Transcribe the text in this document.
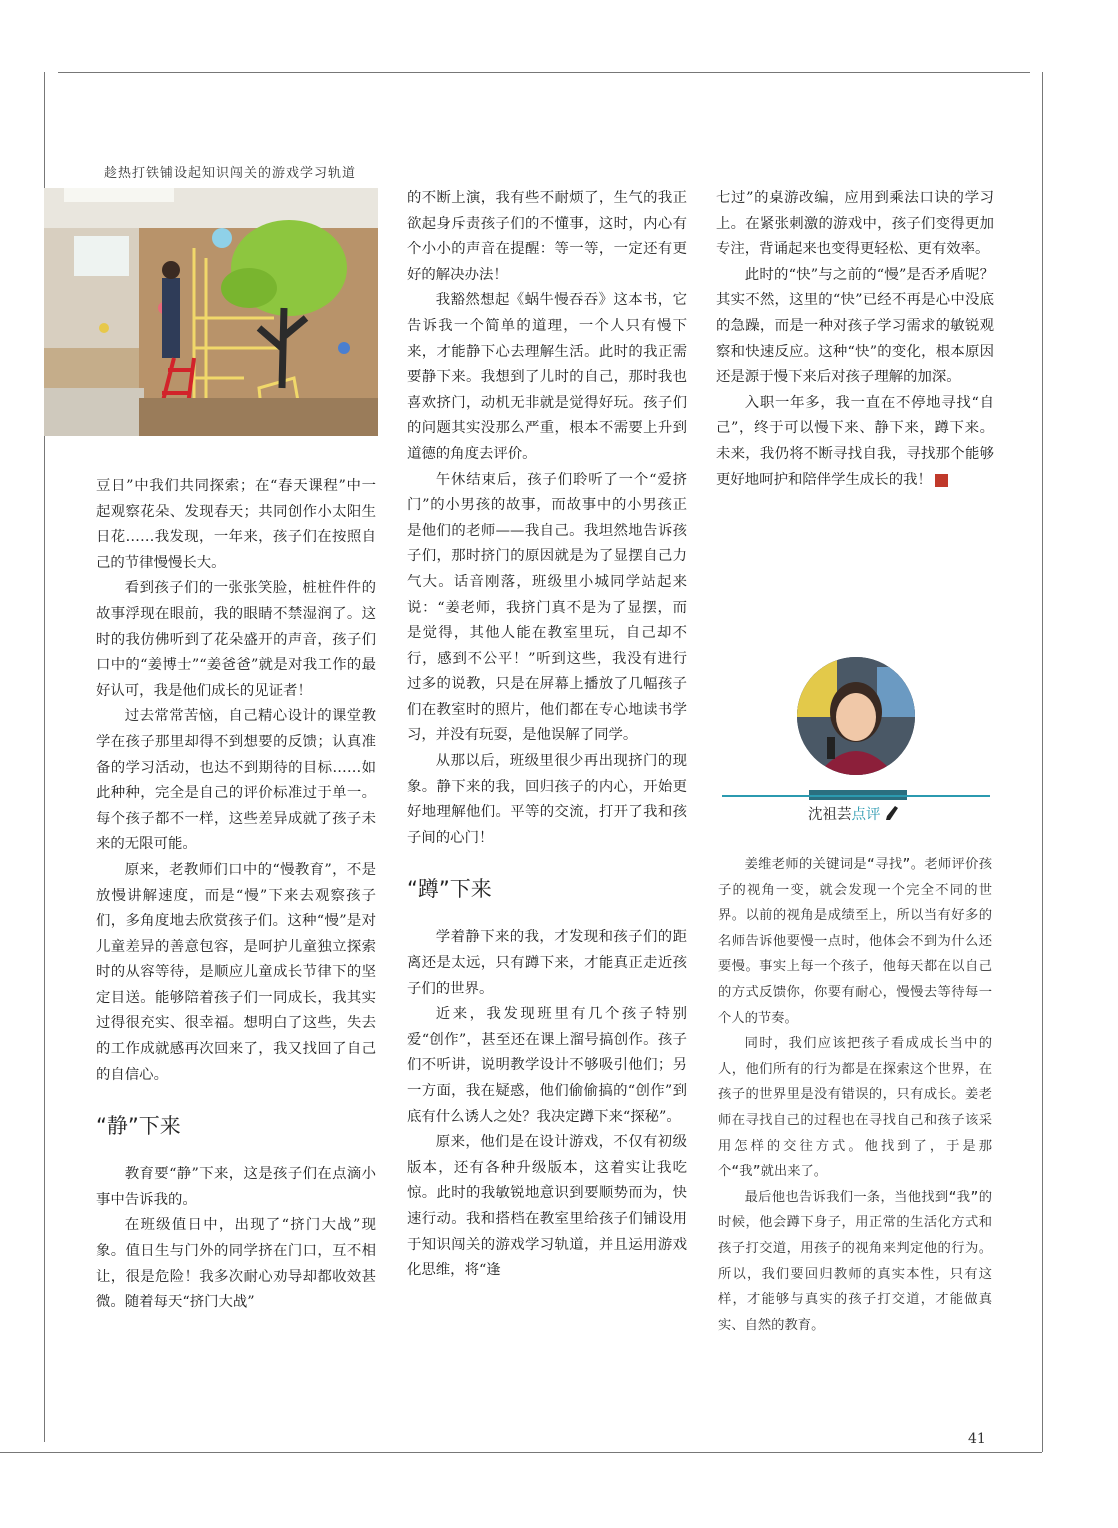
趁热打铁铺设起知识闯关的游戏学习轨道

豆日”中我们共同探索；在“春天课程”中一起观察花朵、发现春天；共同创作小太阳生日花……我发现，一年来，孩子们在按照自己的节律慢慢长大。

看到孩子们的一张张笑脸，桩桩件件的故事浮现在眼前，我的眼睛不禁湿润了。这时的我仿佛听到了花朵盛开的声音，孩子们口中的“姜博士”“姜爸爸”就是对我工作的最好认可，我是他们成长的见证者！

过去常常苦恼，自己精心设计的课堂教学在孩子那里却得不到想要的反馈；认真准备的学习活动，也达不到期待的目标……如此种种，完全是自己的评价标准过于单一。每个孩子都不一样，这些差异成就了孩子未来的无限可能。

原来，老教师们口中的“慢教育”，不是放慢讲解速度，而是“慢”下来去观察孩子们，多角度地去欣赏孩子们。这种“慢”是对儿童差异的善意包容，是呵护儿童独立探索时的从容等待，是顺应儿童成长节律下的坚定目送。能够陪着孩子们一同成长，我其实过得很充实、很幸福。想明白了这些，失去的工作成就感再次回来了，我又找回了自己的自信心。

“静”下来

教育要“静”下来，这是孩子们在点滴小事中告诉我的。

在班级值日中，出现了“挤门大战”现象。值日生与门外的同学挤在门口，互不相让，很是危险！我多次耐心劝导却都收效甚微。随着每天“挤门大战”

的不断上演，我有些不耐烦了，生气的我正欲起身斥责孩子们的不懂事，这时，内心有个小小的声音在提醒：等一等，一定还有更好的解决办法！

我豁然想起《蜗牛慢吞吞》这本书，它告诉我一个简单的道理，一个人只有慢下来，才能静下心去理解生活。此时的我正需要静下来。我想到了儿时的自己，那时我也喜欢挤门，动机无非就是觉得好玩。孩子们的问题其实没那么严重，根本不需要上升到道德的角度去评价。

午休结束后，孩子们聆听了一个“爱挤门”的小男孩的故事，而故事中的小男孩正是他们的老师——我自己。我坦然地告诉孩子们，那时挤门的原因就是为了显摆自己力气大。话音刚落，班级里小城同学站起来说：“姜老师，我挤门真不是为了显摆，而是觉得，其他人能在教室里玩，自己却不行，感到不公平！”听到这些，我没有进行过多的说教，只是在屏幕上播放了几幅孩子们在教室时的照片，他们都在专心地读书学习，并没有玩耍，是他误解了同学。

从那以后，班级里很少再出现挤门的现象。静下来的我，回归孩子的内心，开始更好地理解他们。平等的交流，打开了我和孩子间的心门！

“蹲”下来

学着静下来的我，才发现和孩子们的距离还是太远，只有蹲下来，才能真正走近孩子们的世界。

近来，我发现班里有几个孩子特别爱“创作”，甚至还在课上溜号搞创作。孩子们不听讲，说明教学设计不够吸引他们；另一方面，我在疑惑，他们偷偷搞的“创作”到底有什么诱人之处？我决定蹲下来“探秘”。

原来，他们是在设计游戏，不仅有初级版本，还有各种升级版本，这着实让我吃惊。此时的我敏锐地意识到要顺势而为，快速行动。我和搭档在教室里给孩子们铺设用于知识闯关的游戏学习轨道，并且运用游戏化思维，将“逢

七过”的桌游改编，应用到乘法口诀的学习上。在紧张刺激的游戏中，孩子们变得更加专注，背诵起来也变得更轻松、更有效率。

此时的“快”与之前的“慢”是否矛盾呢？其实不然，这里的“快”已经不再是心中没底的急躁，而是一种对孩子学习需求的敏锐观察和快速反应。这种“快”的变化，根本原因还是源于慢下来后对孩子理解的加深。

入职一年多，我一直在不停地寻找“自己”，终于可以慢下来、静下来，蹲下来。未来，我仍将不断寻找自我，寻找那个能够更好地呵护和陪伴学生成长的我！	家

沈祖芸点评

姜维老师的关键词是“寻找”。老师评价孩子的视角一变，就会发现一个完全不同的世界。以前的视角是成绩至上，所以当有好多的名师告诉他要慢一点时，他体会不到为什么还要慢。事实上每一个孩子，他每天都在以自己的方式反馈你，你要有耐心，慢慢去等待每一个人的节奏。

同时，我们应该把孩子看成成长当中的人，他们所有的行为都是在探索这个世界，在孩子的世界里是没有错误的，只有成长。姜老师在寻找自己的过程也在寻找自己和孩子该采用怎样的交往方式。他找到了，于是那个“我”就出来了。

最后他也告诉我们一条，当他找到“我”的时候，他会蹲下身子，用正常的生活化方式和孩子打交道，用孩子的视角来判定他的行为。所以，我们要回归教师的真实本性，只有这样，才能够与真实的孩子打交道，才能做真实、自然的教育。

41
